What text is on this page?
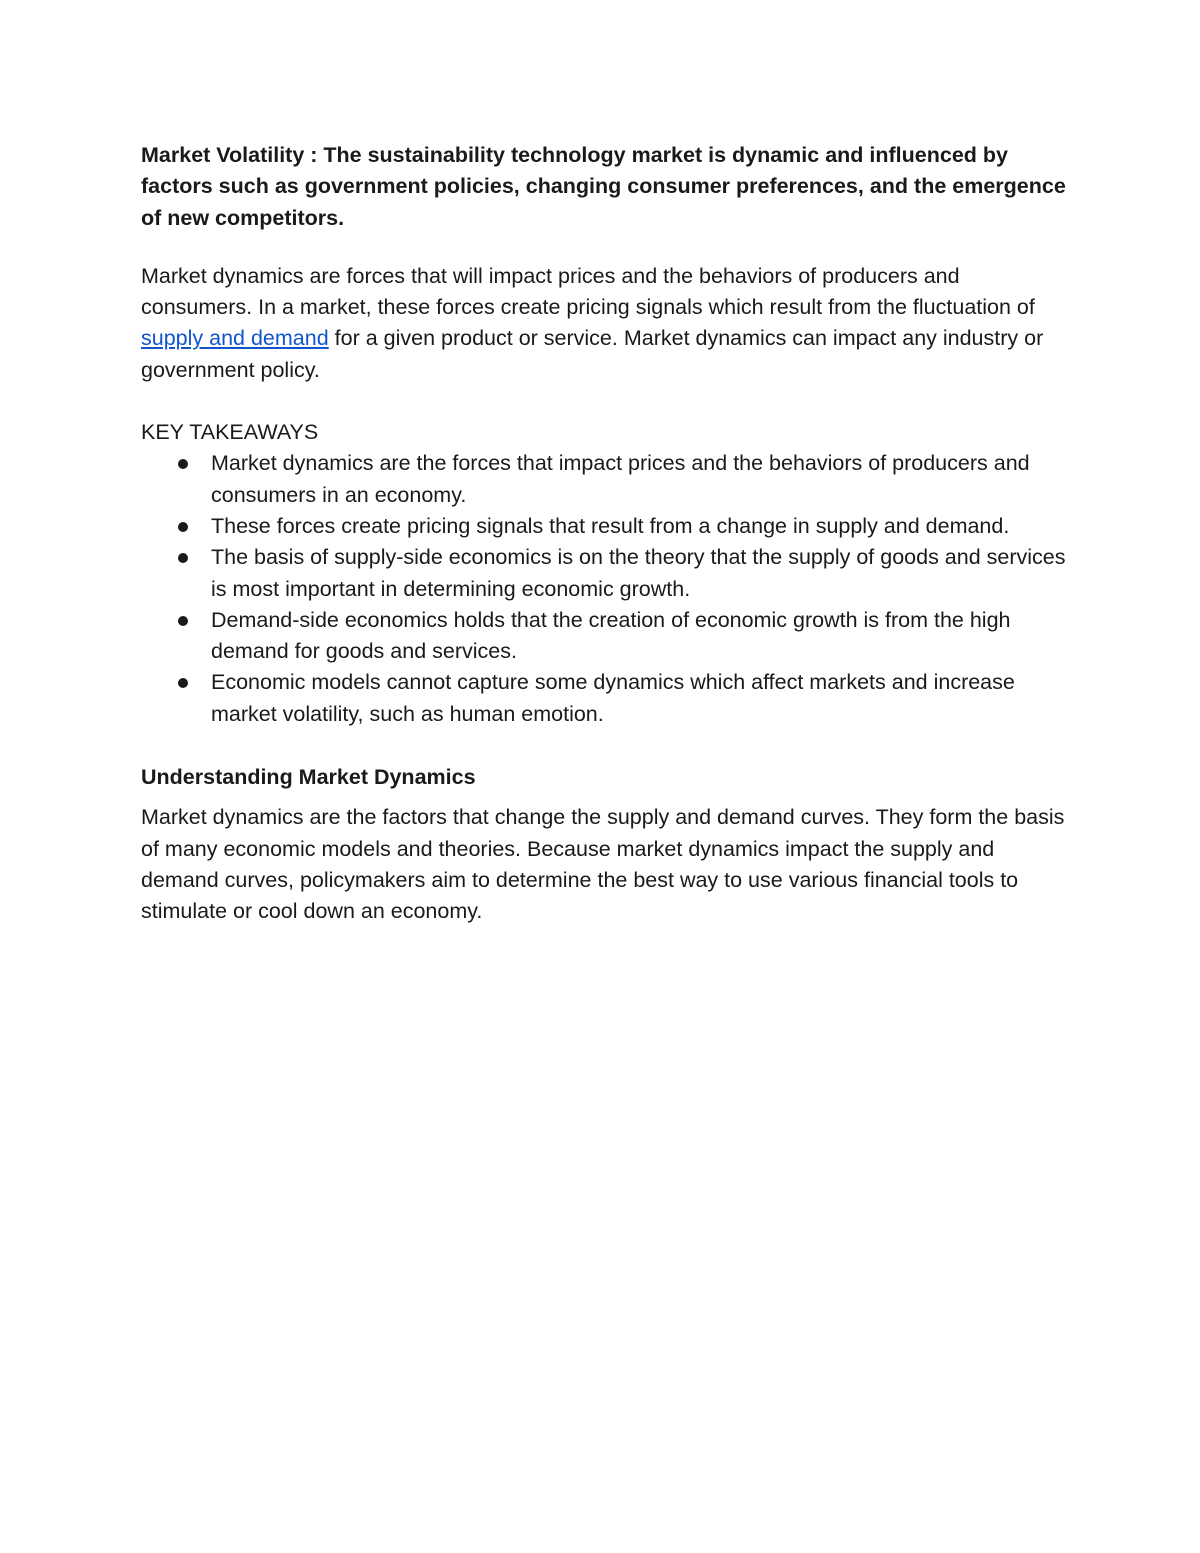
Market Volatility : The sustainability technology market is dynamic and influenced by factors such as government policies, changing consumer preferences, and the emergence of new competitors.

Market dynamics are forces that will impact prices and the behaviors of producers and consumers. In a market, these forces create pricing signals which result from the fluctuation of supply and demand for a given product or service. Market dynamics can impact any industry or government policy.

KEY TAKEAWAYS

Market dynamics are the forces that impact prices and the behaviors of producers and consumers in an economy.
These forces create pricing signals that result from a change in supply and demand.
The basis of supply-side economics is on the theory that the supply of goods and services is most important in determining economic growth.
Demand-side economics holds that the creation of economic growth is from the high demand for goods and services.
Economic models cannot capture some dynamics which affect markets and increase market volatility, such as human emotion.

Understanding Market Dynamics

Market dynamics are the factors that change the supply and demand curves. They form the basis of many economic models and theories. Because market dynamics impact the supply and demand curves, policymakers aim to determine the best way to use various financial tools to stimulate or cool down an economy.
